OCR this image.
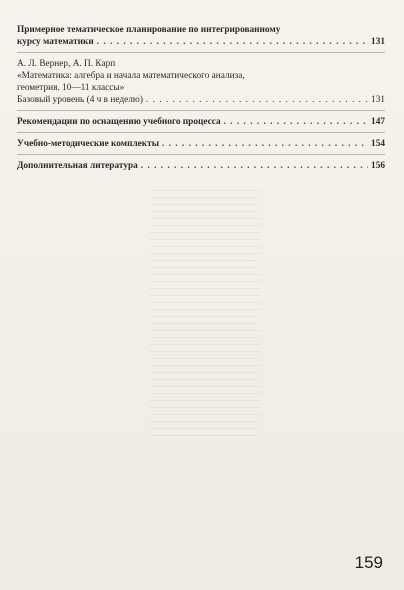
Примерное тематическое планирование по интегрированному
курсу математики . . .	131
А. Л. Вернер, А. П. Карп
«Математика: алгебра и начала математического анализа,
геометрия. 10—11 классы»
Базовый уровень (4 ч в неделю) . . .	131
Рекомендации по оснащению учебного процесса . . .	147
Учебно-методические комплекты . . .	154
Дополнительная литература . . .	156
159
